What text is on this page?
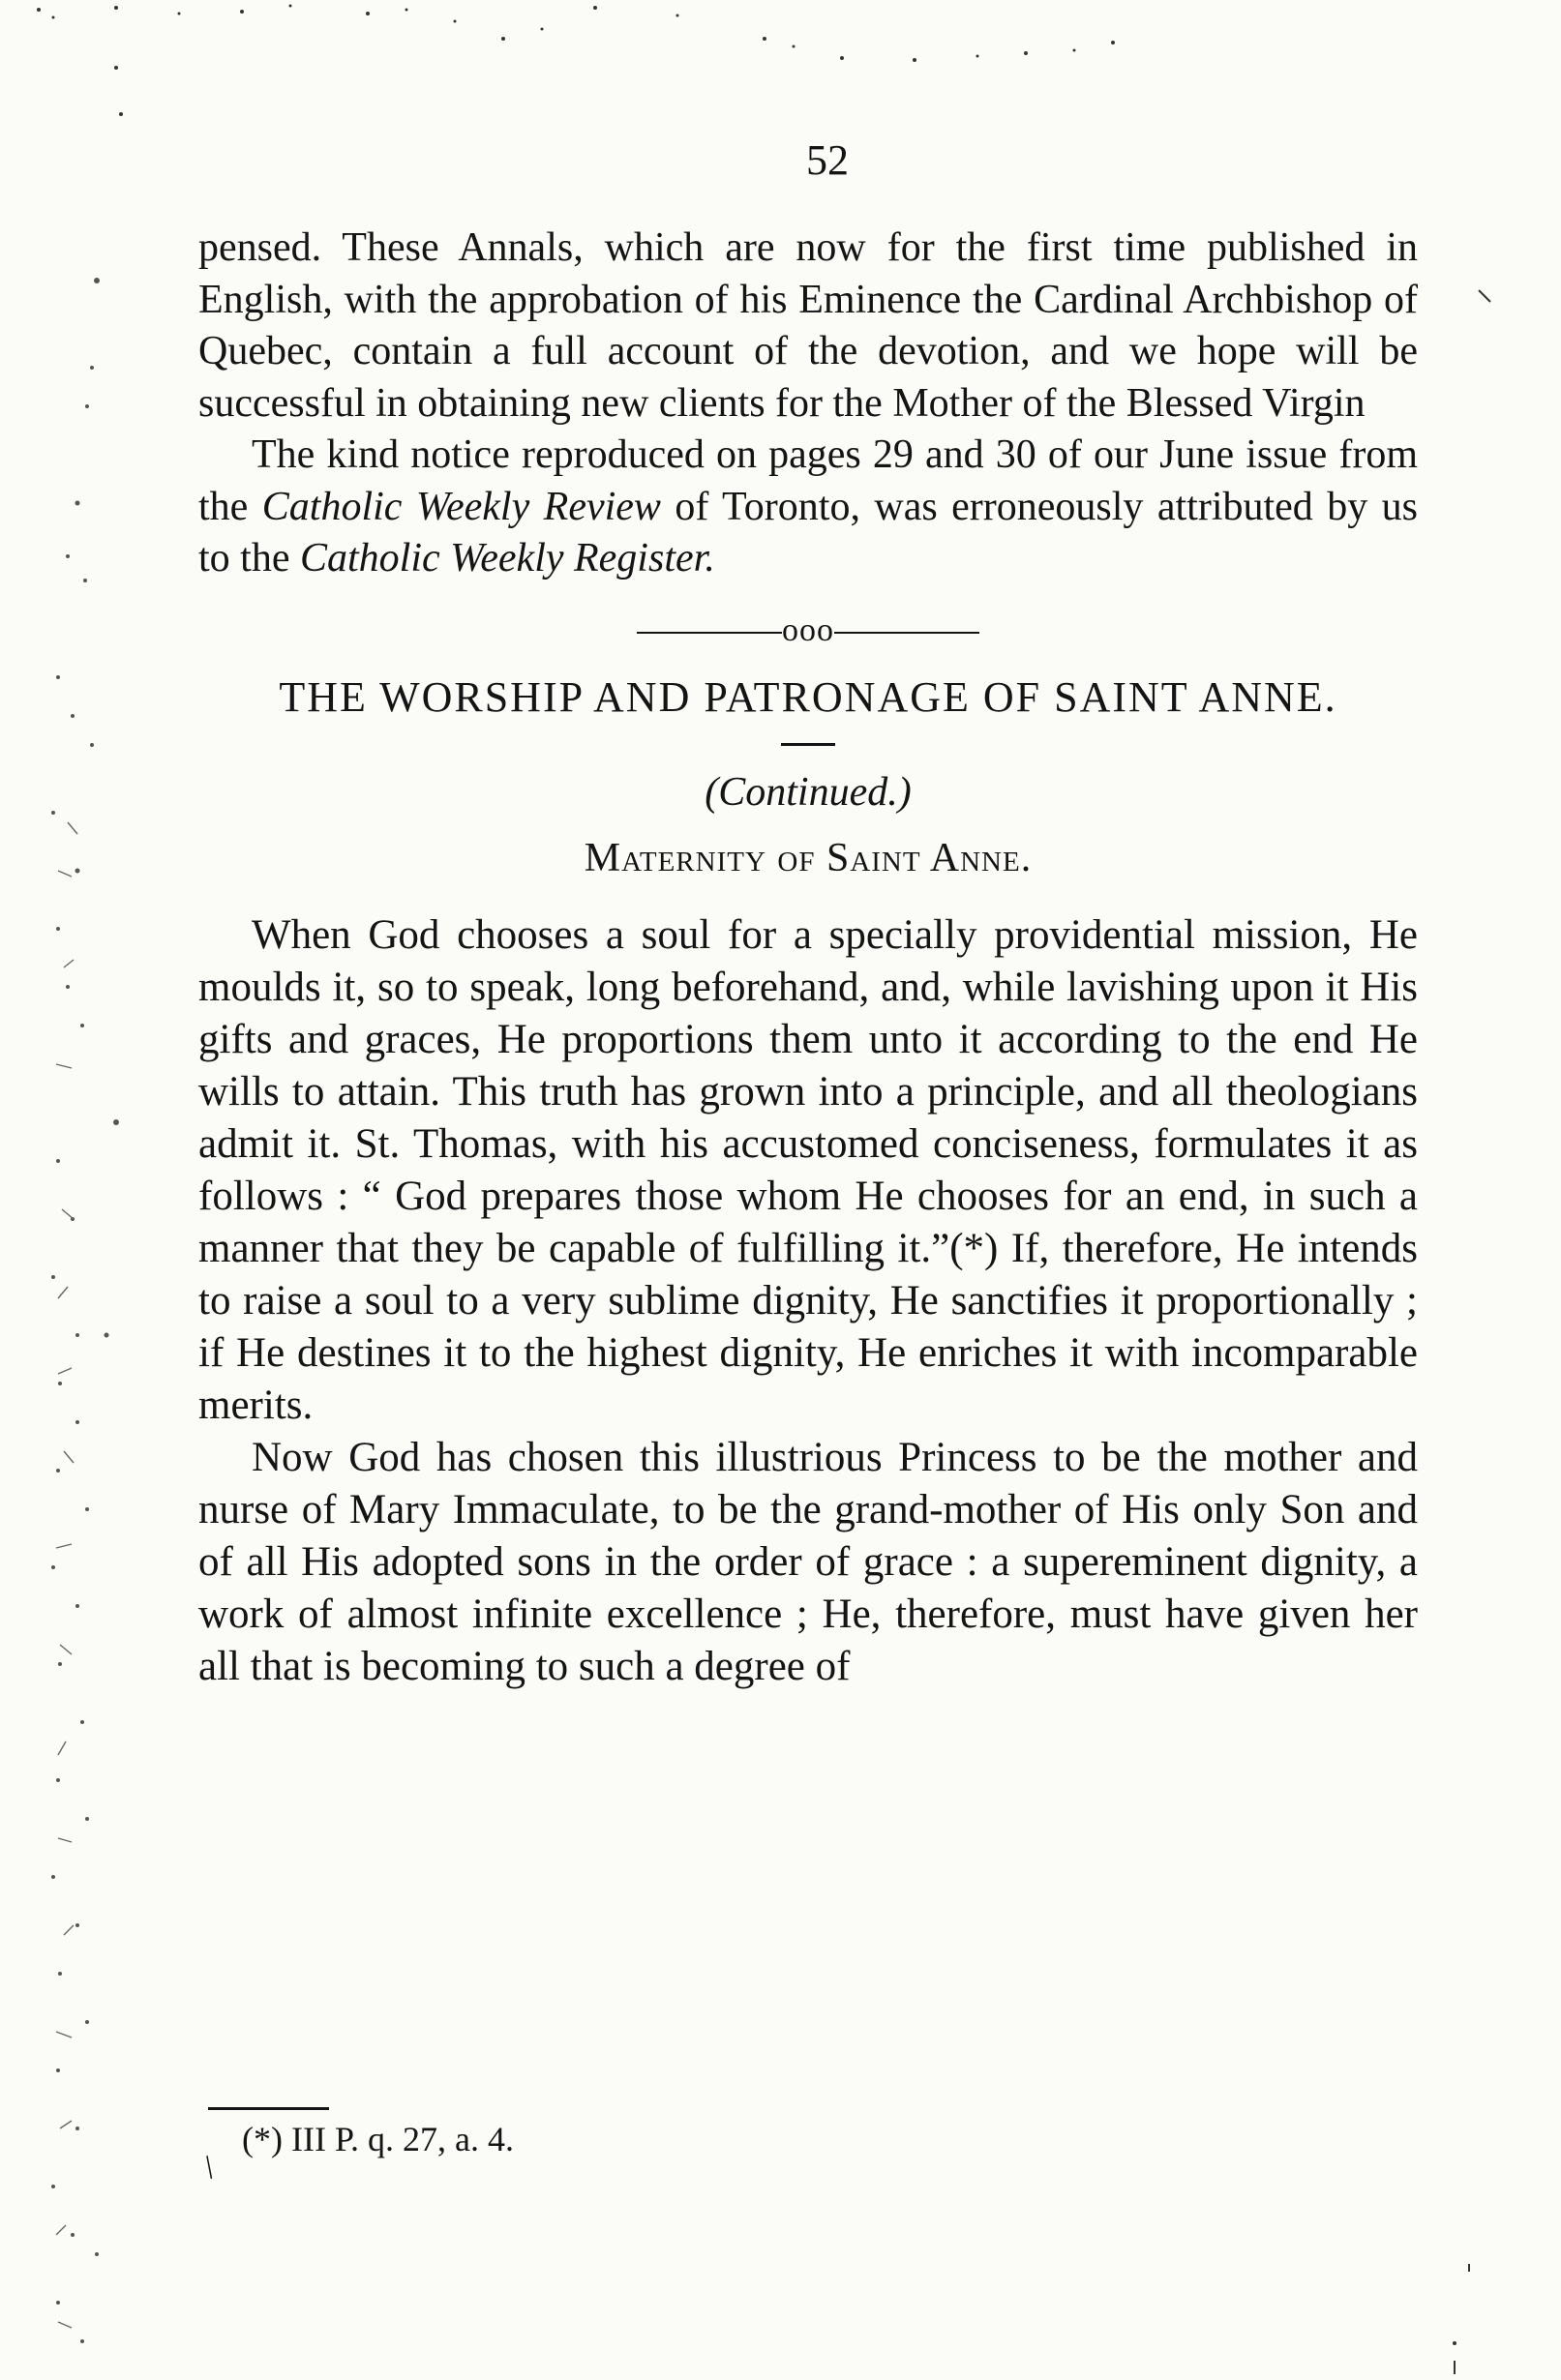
52

pensed. These Annals, which are now for the first time published in English, with the approbation of his Eminence the Cardinal Archbishop of Quebec, contain a full account of the devotion, and we hope will be successful in obtaining new clients for the Mother of the Blessed Virgin

The kind notice reproduced on pages 29 and 30 of our June issue from the Catholic Weekly Review of Toronto, was erroneously attributed by us to the Catholic Weekly Register.

ooo
THE WORSHIP AND PATRONAGE OF SAINT ANNE.
(Continued.)
Maternity of Saint Anne.

When God chooses a soul for a specially providential mission, He moulds it, so to speak, long beforehand, and, while lavishing upon it His gifts and graces, He proportions them unto it according to the end He wills to attain. This truth has grown into a principle, and all theologians admit it. St. Thomas, with his accustomed conciseness, formulates it as follows : “ God prepares those whom He chooses for an end, in such a manner that they be capable of fulfilling it.”(*) If, therefore, He intends to raise a soul to a very sublime dignity, He sanctifies it proportionally ; if He destines it to the highest dignity, He enriches it with incomparable merits.

Now God has chosen this illustrious Princess to be the mother and nurse of Mary Immaculate, to be the grand-mother of His only Son and of all His adopted sons in the order of grace : a supereminent dignity, a work of almost infinite excellence ; He, therefore, must have given her all that is becoming to such a degree of

(*) III P. q. 27, a. 4.
/
